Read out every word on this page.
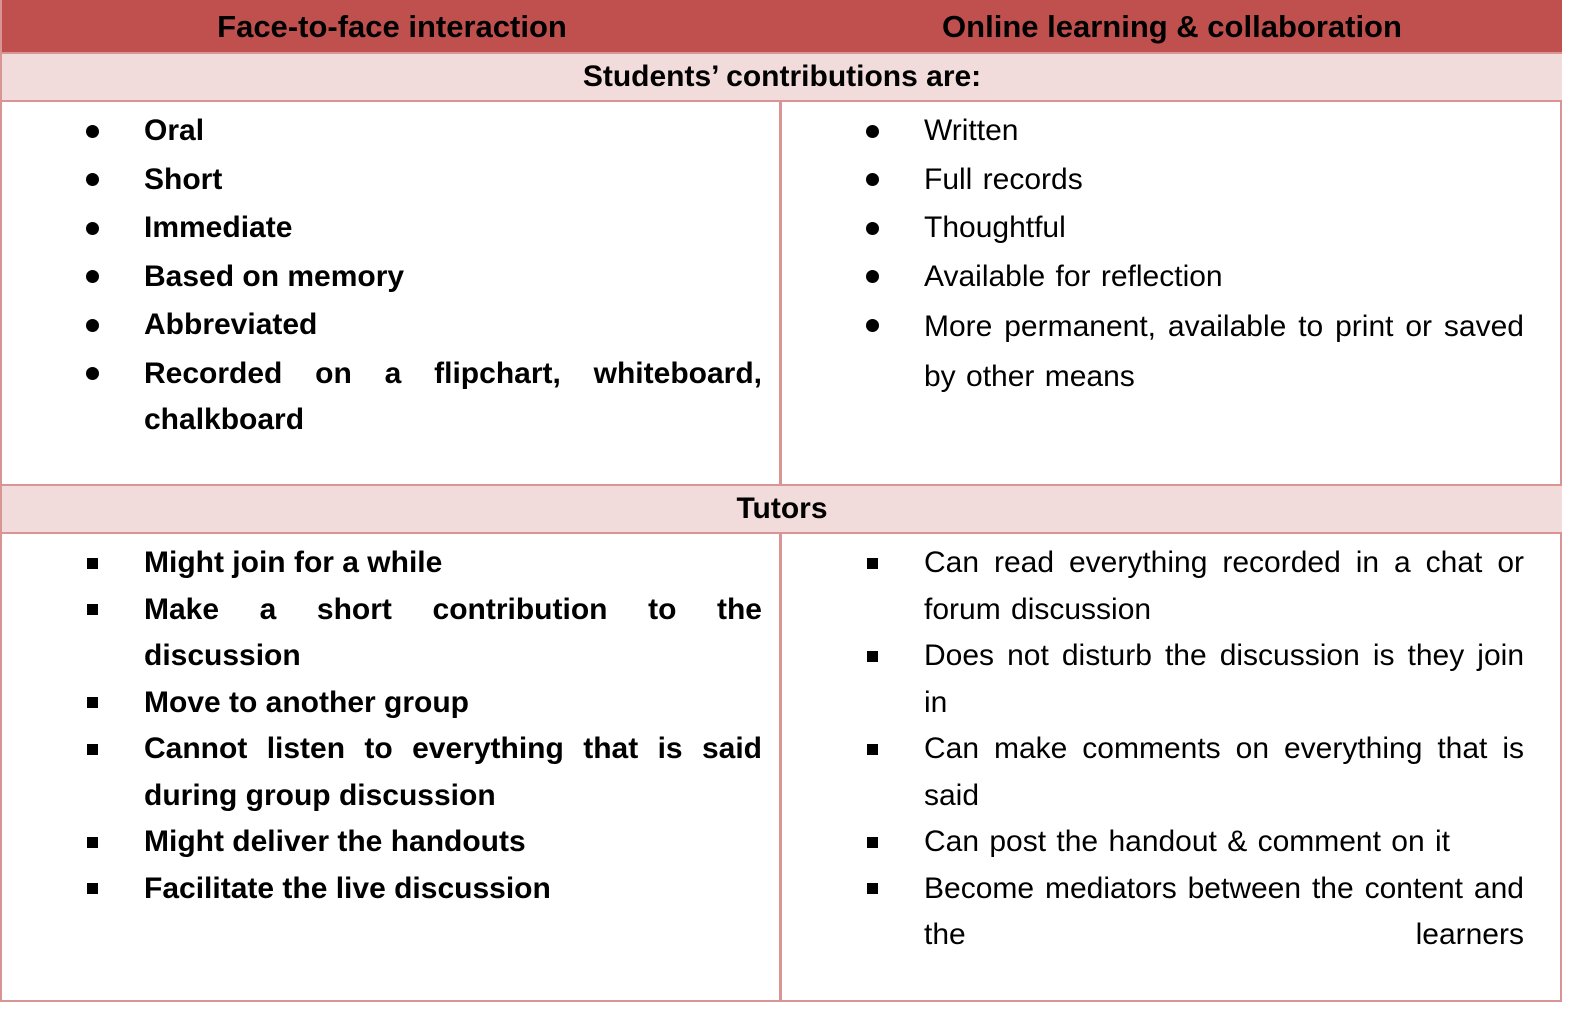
Face-to-face interaction	Online learning & collaboration
Students’ contributions are:
Oral
Short
Immediate
Based on memory
Abbreviated
Recorded on a flipchart, whiteboard, chalkboard
Written
Full records
Thoughtful
Available for reflection
More permanent, available to print or saved by other means
Tutors
Might join for a while
Make a short contribution to the discussion
Move to another group
Cannot listen to everything that is said during group discussion
Might deliver the handouts
Facilitate the live discussion
Can read everything recorded in a chat or forum discussion
Does not disturb the discussion is they join in
Can make comments on everything that is said
Can post the handout & comment on it
Become mediators between the content and the learners
